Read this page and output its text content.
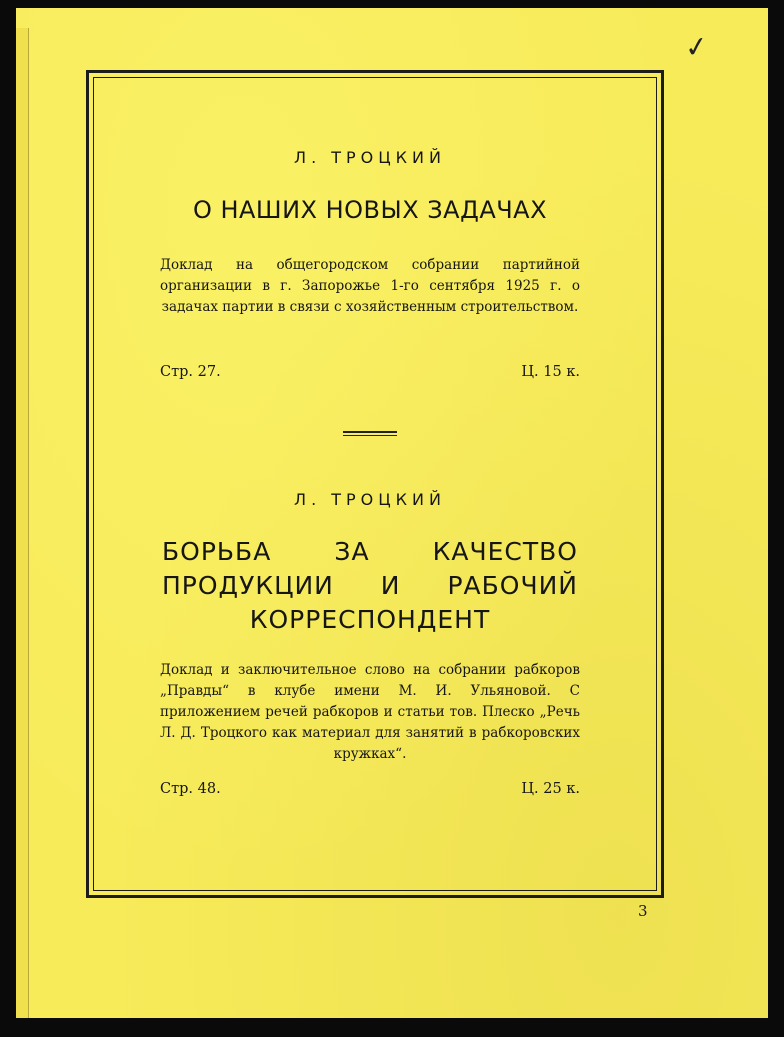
✓
Л. ТРОЦКИЙ
О НАШИХ НОВЫХ ЗАДАЧАХ
Доклад на общегородском собрании партийной организации в г. Запорожье 1-го сентября 1925 г. о задачах партии в связи с хозяйственным строительством.
Стр. 27.	Ц. 15 к.
Л. ТРОЦКИЙ
БОРЬБА ЗА КАЧЕСТВО ПРОДУКЦИИ И РАБОЧИЙ КОРРЕСПОНДЕНТ
Доклад и заключительное слово на собрании рабкоров „Правды“ в клубе имени М. И. Ульяновой. С приложением речей рабкоров и статьи тов. Плеско „Речь Л. Д. Троцкого как материал для занятий в рабкоровских кружках“.
Стр. 48.	Ц. 25 к.
3
